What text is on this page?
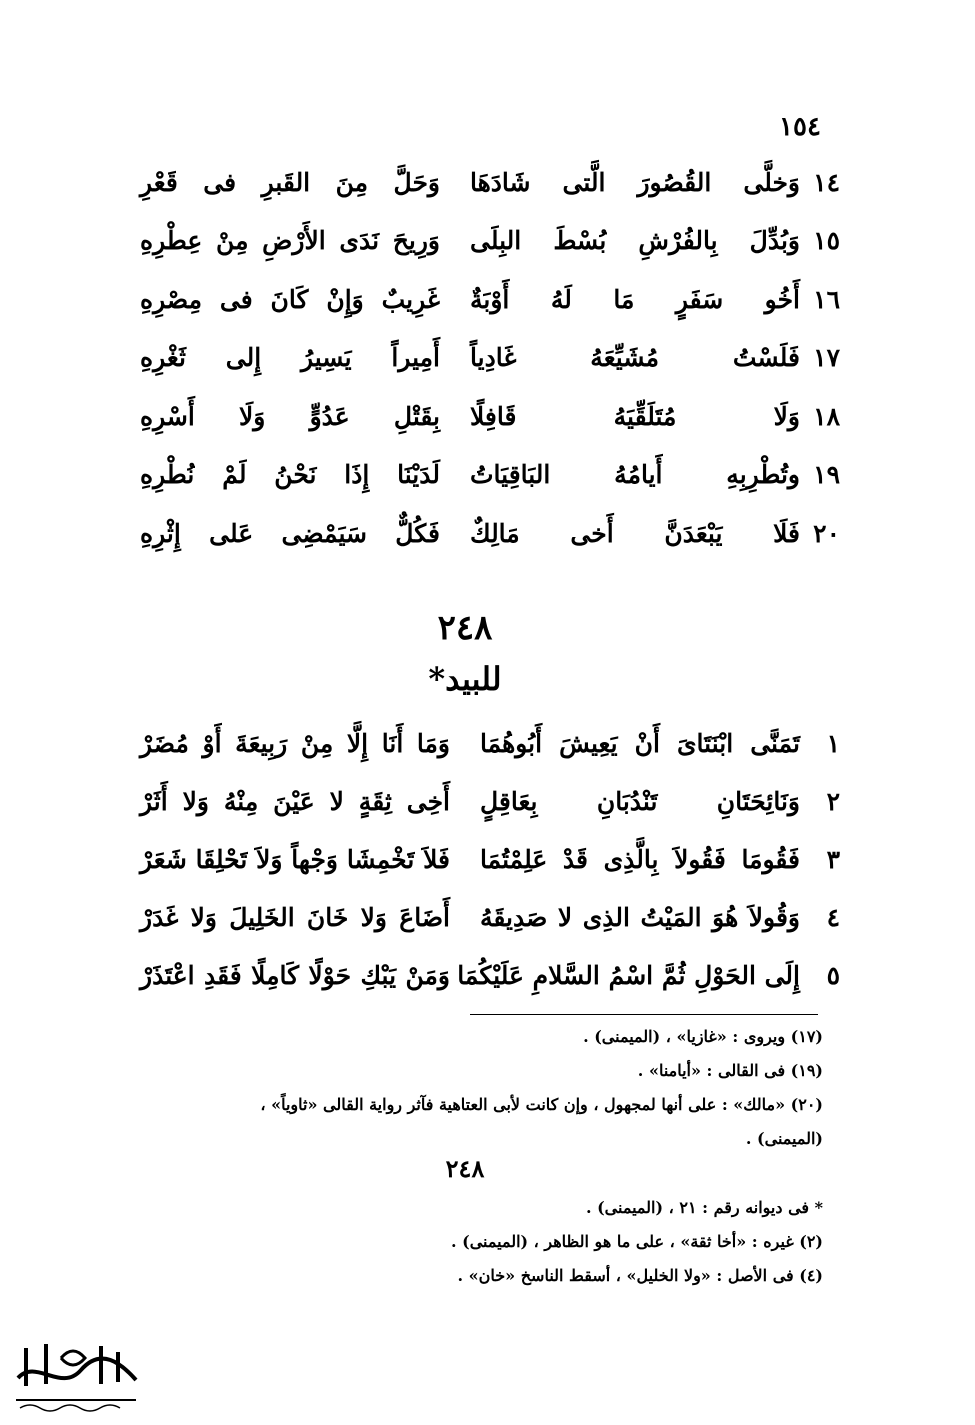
١٥٤
١٤
وَخلَّى القُصُورَ الَّتى شَادَهَا
وَحَلَّ مِنَ القَبرِ فى قَعْرِ
١٥
وَبُدِّلَ بِالفُرْشِ بُسْطَ البِلَى
وَرِيحَ نَدَى الأَرْضِ مِنْ عِطْرِهِ
١٦
أَخُو سَفَرٍ مَا لَهُ أَوْبَةٌ
غَرِيبٌ وَإِنْ كَانَ فى مِصْرِهِ
١٧
فَلَسْتُ مُشَيِّعَهُ غَادِياً
أَمِيراً يَسِيرُ إِلى ثَغْرِهِ
١٨
وَلَا مُتَلَقِّيَهُ قَافِلًا
بِقَتْلِ عَدُوٍّ وَلَا أَسْرِهِ
١٩
وتُطْرِبِهِ أَيامُهُ البَاقِيَاتُ
لَدَيْنَا إِذَا نَحْنُ لَمْ نُطْرِهِ
٢٠
فَلَا يَبْعَدَنَّ أَخى مَالِكٌ
فَكُلٌّ سَيَمْضِى عَلى إِثْرِهِ
٢٤٨
للبيد*
١
تَمَنَّى ابْنَتَاىَ أَنْ يَعِيشَ أَبُوهُمَا
وَمَا أَنَا إِلَّا مِنْ رَبِيعَةَ أَوْ مُضَرْ
٢
وَنَائِحَتَانِ تَنْدُبَانِ بِعَاقِلٍ
أَخِى ثِقَةٍ لا عَيْنَ مِنْهُ وَلا أَثَرْ
٣
فَقُومَا فَقُولاَ بِالَّذِى قَدْ عَلِمْتُمَا
فَلاَ تَخْمِشَا وَجْهاً وَلاَ تَحْلِقَا شَعَرْ
٤
وَقُولاَ هُوَ المَيْتُ الذِى لا صَدِيقَهُ
أَضَاعَ وَلا خَانَ الخَلِيلَ وَلا غَدَرْ
٥
إِلَى الحَوْلِ ثُمَّ اسْمُ السَّلامِ عَلَيْكُمَا
وَمَنْ يَبْكِ حَوْلًا كَامِلًا فَقَدِ اعْتَذَرْ
(١٧) ويروى : «غازيا» ، (الميمنى) .
(١٩) فى القالى : «أيامنا» .
(٢٠) «مالك» : على أنها لمجهول ، وإن كانت لأبى العتاهية فآثر رواية القالى «ثاوياً» ،
(الميمنى) .
٢٤٨
* فى ديوانه رقم : ٢١ ، (الميمنى) .
(٢) غيره : «أخا ثقة» ، على ما هو الظاهر ، (الميمنى) .
(٤) فى الأصل : «ولا الخليل» ، أسقط الناسخ «خان» .
